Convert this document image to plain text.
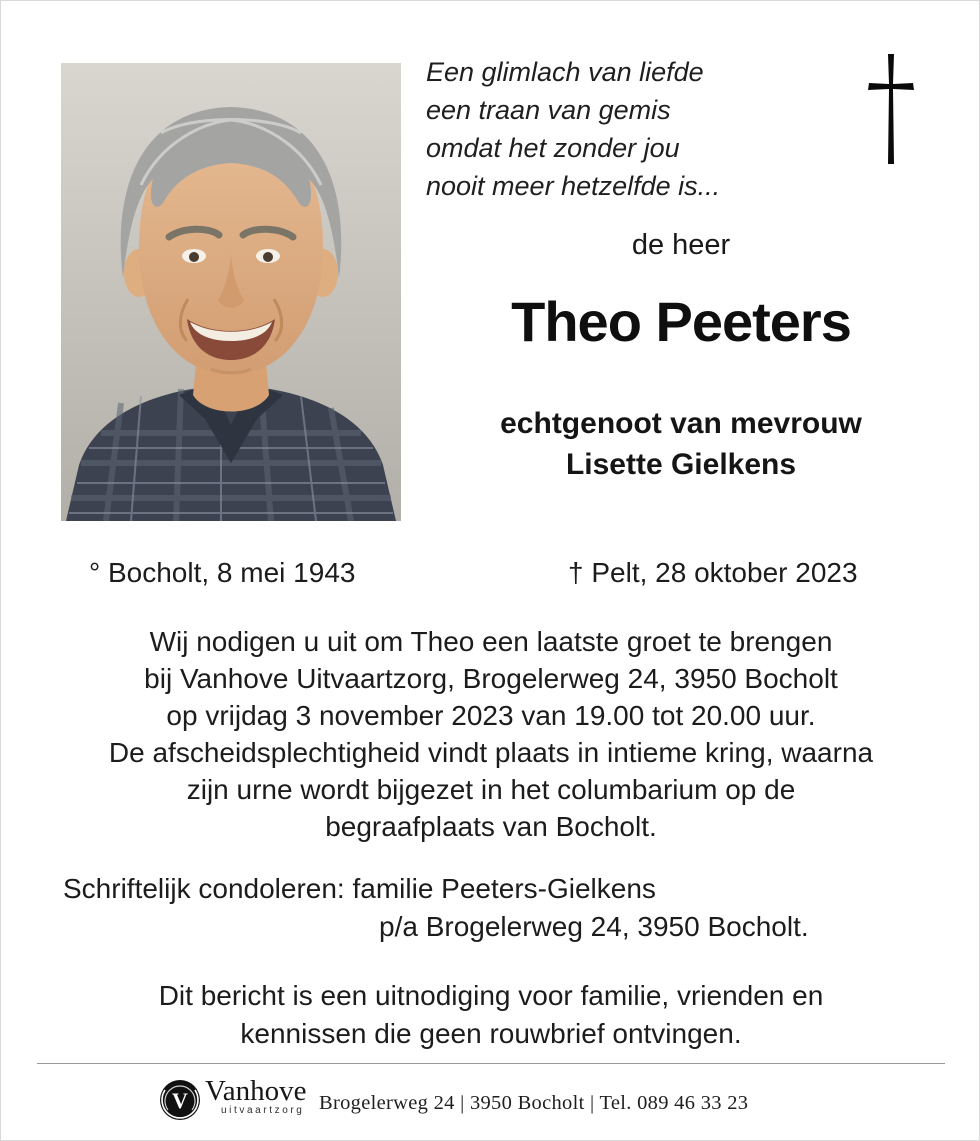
Een glimlach van liefde
een traan van gemis
omdat het zonder jou
nooit meer hetzelfde is...
de heer
Theo Peeters
echtgenoot van mevrouw
Lisette Gielkens
° Bocholt, 8 mei 1943	† Pelt, 28 oktober 2023
Wij nodigen u uit om Theo een laatste groet te brengen
bij Vanhove Uitvaartzorg, Brogelerweg 24, 3950 Bocholt
op vrijdag 3 november 2023 van 19.00 tot 20.00 uur.
De afscheidsplechtigheid vindt plaats in intieme kring, waarna
zijn urne wordt bijgezet in het columbarium op de
begraafplaats van Bocholt.
Schriftelijk condoleren: familie Peeters-Gielkens
p/a Brogelerweg 24, 3950 Bocholt.
Dit bericht is een uitnodiging voor familie, vrienden en
kennissen die geen rouwbrief ontvingen.
V Vanhove
uitvaartzorg Brogelerweg 24 | 3950 Bocholt | Tel. 089 46 33 23
